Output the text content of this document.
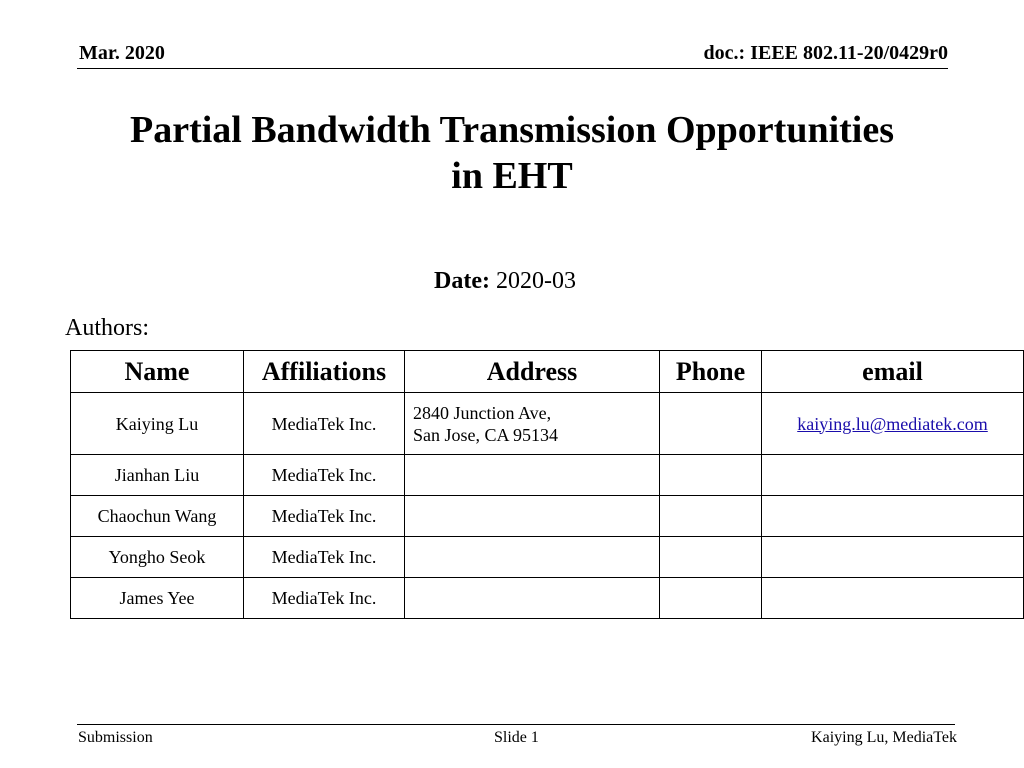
Mar. 2020	doc.: IEEE 802.11-20/0429r0
Partial Bandwidth Transmission Opportunities
in EHT
Date: 2020-03
Authors:
Name	Affiliations	Address	Phone	email
Kaiying Lu	MediaTek Inc.	2840 Junction Ave,
San Jose, CA 95134		kaiying.lu@mediatek.com
Jianhan Liu	MediaTek Inc.			
Chaochun Wang	MediaTek Inc.			
Yongho Seok	MediaTek Inc.			
James Yee	MediaTek Inc.			
Submission	Slide 1	Kaiying Lu, MediaTek
